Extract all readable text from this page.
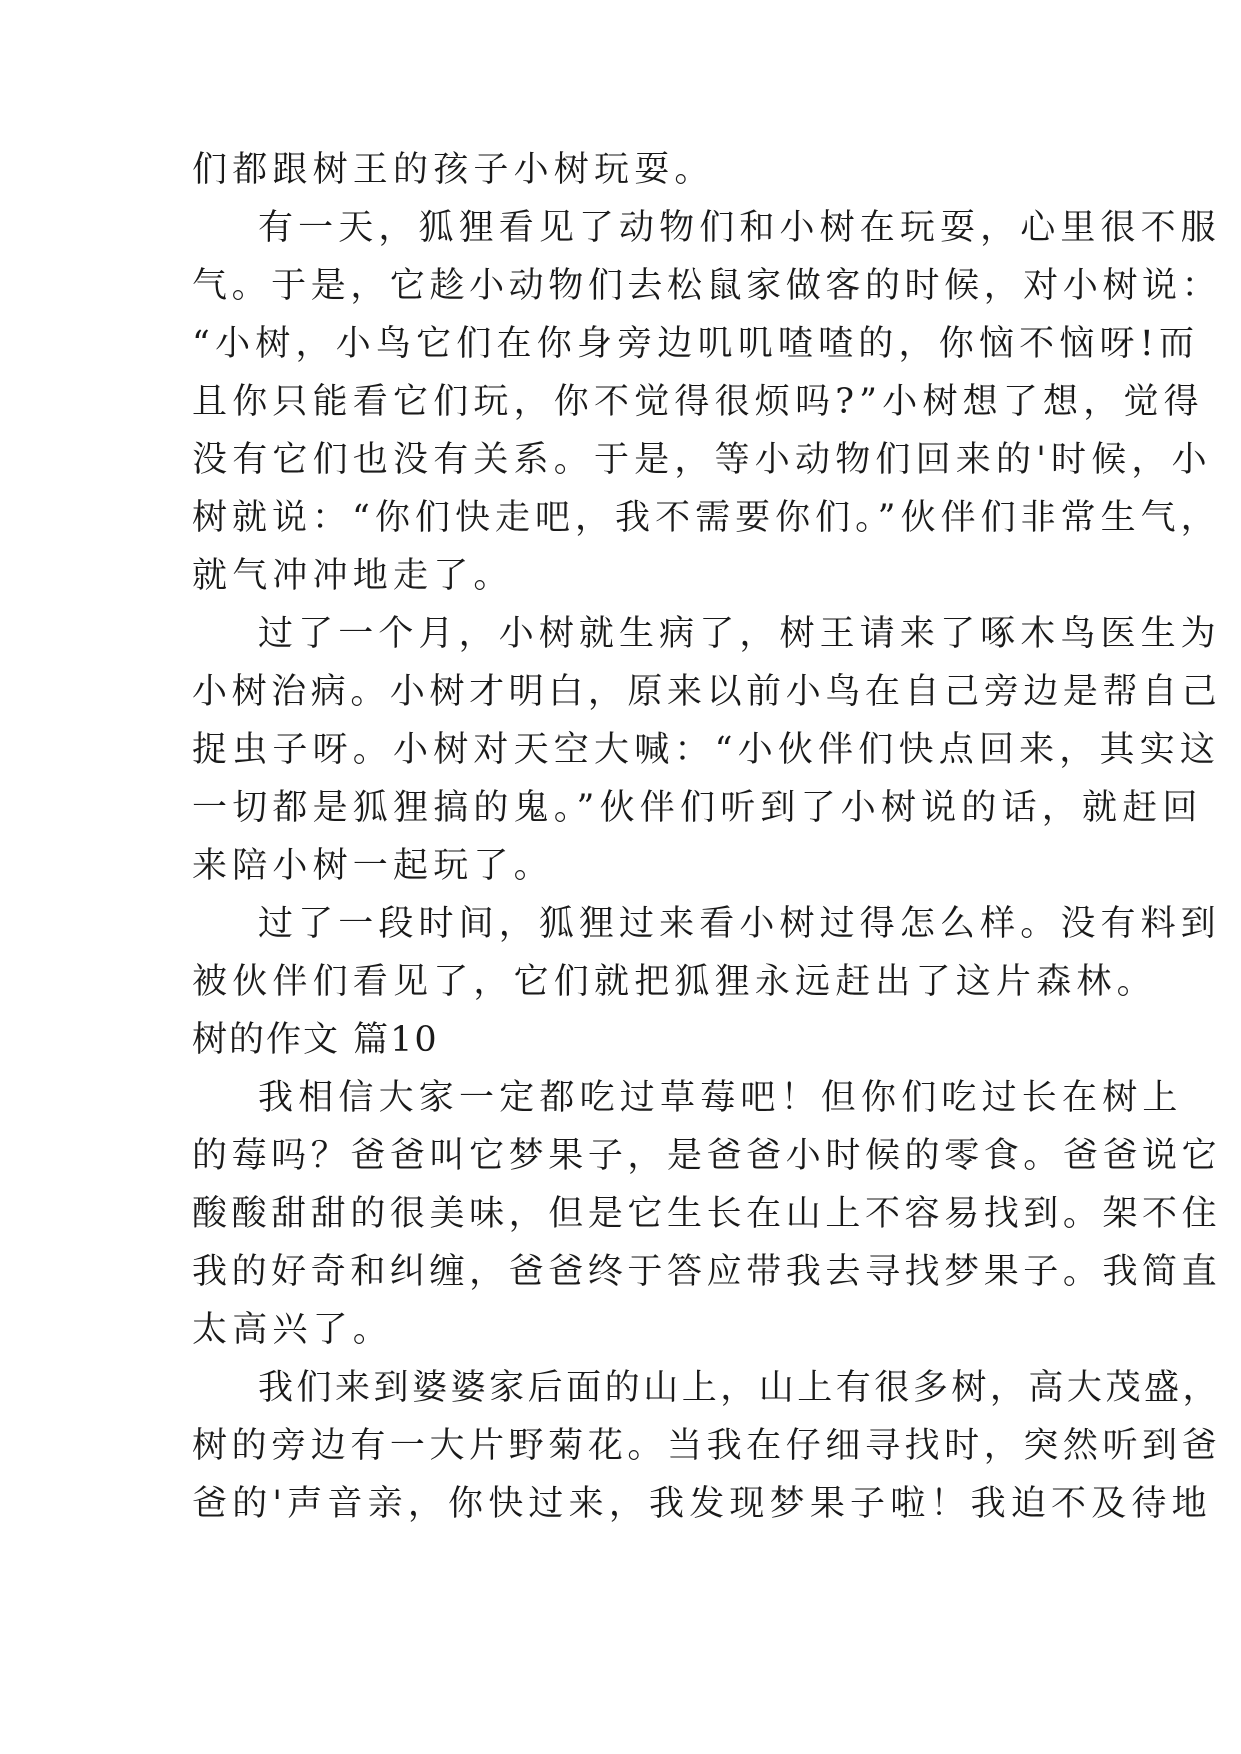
们都跟树王的孩子小树玩耍。
有一天，狐狸看见了动物们和小树在玩耍，心里很不服
气。于是，它趁小动物们去松鼠家做客的时候，对小树说：
“小树，小鸟它们在你身旁边叽叽喳喳的，你恼不恼呀!而
且你只能看它们玩，你不觉得很烦吗?”小树想了想，觉得
没有它们也没有关系。于是，等小动物们回来的'时候，小
树就说：“你们快走吧，我不需要你们。”伙伴们非常生气，
就气冲冲地走了。
过了一个月，小树就生病了，树王请来了啄木鸟医生为
小树治病。小树才明白，原来以前小鸟在自己旁边是帮自己
捉虫子呀。小树对天空大喊：“小伙伴们快点回来，其实这
一切都是狐狸搞的鬼。”伙伴们听到了小树说的话，就赶回
来陪小树一起玩了。
过了一段时间，狐狸过来看小树过得怎么样。没有料到
被伙伴们看见了，它们就把狐狸永远赶出了这片森林。
树的作文 篇10
我相信大家一定都吃过草莓吧！但你们吃过长在树上
的莓吗？爸爸叫它梦果子，是爸爸小时候的零食。爸爸说它
酸酸甜甜的很美味，但是它生长在山上不容易找到。架不住
我的好奇和纠缠，爸爸终于答应带我去寻找梦果子。我简直
太高兴了。
我们来到婆婆家后面的山上，山上有很多树，高大茂盛，
树的旁边有一大片野菊花。当我在仔细寻找时，突然听到爸
爸的'声音亲，你快过来，我发现梦果子啦！我迫不及待地
